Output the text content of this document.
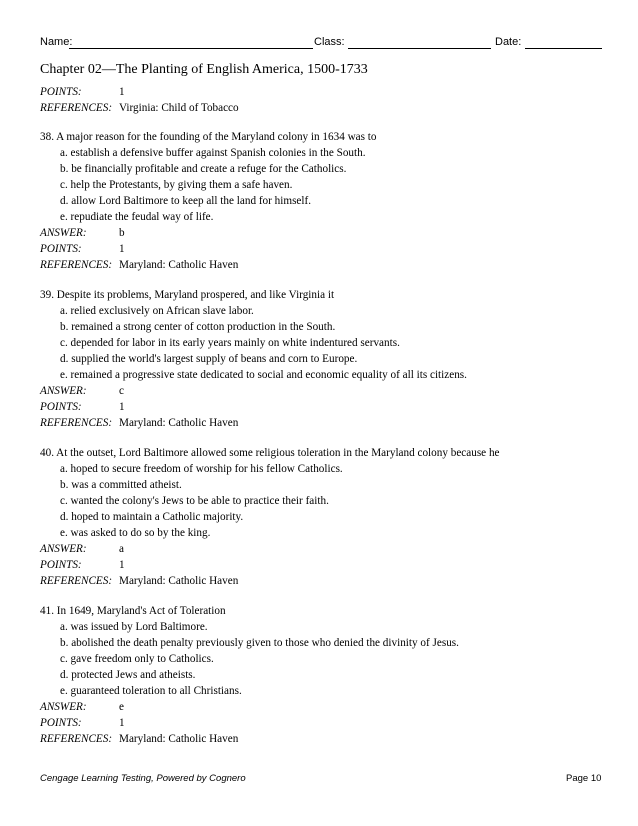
Name:	Class:	Date:
Chapter 02—The Planting of English America, 1500-1733
POINTS:	1
REFERENCES: Virginia: Child of Tobacco
38. A major reason for the founding of the Maryland colony in 1634 was to
a. establish a defensive buffer against Spanish colonies in the South.
b. be financially profitable and create a refuge for the Catholics.
c. help the Protestants, by giving them a safe haven.
d. allow Lord Baltimore to keep all the land for himself.
e. repudiate the feudal way of life.
ANSWER:	b
POINTS:	1
REFERENCES: Maryland: Catholic Haven
39. Despite its problems, Maryland prospered, and like Virginia it
a. relied exclusively on African slave labor.
b. remained a strong center of cotton production in the South.
c. depended for labor in its early years mainly on white indentured servants.
d. supplied the world's largest supply of beans and corn to Europe.
e. remained a progressive state dedicated to social and economic equality of all its citizens.
ANSWER:	c
POINTS:	1
REFERENCES: Maryland: Catholic Haven
40. At the outset, Lord Baltimore allowed some religious toleration in the Maryland colony because he
a. hoped to secure freedom of worship for his fellow Catholics.
b. was a committed atheist.
c. wanted the colony's Jews to be able to practice their faith.
d. hoped to maintain a Catholic majority.
e. was asked to do so by the king.
ANSWER:	a
POINTS:	1
REFERENCES: Maryland: Catholic Haven
41. In 1649, Maryland's Act of Toleration
a. was issued by Lord Baltimore.
b. abolished the death penalty previously given to those who denied the divinity of Jesus.
c. gave freedom only to Catholics.
d. protected Jews and atheists.
e. guaranteed toleration to all Christians.
ANSWER:	e
POINTS:	1
REFERENCES: Maryland: Catholic Haven
Cengage Learning Testing, Powered by Cognero	Page 10
